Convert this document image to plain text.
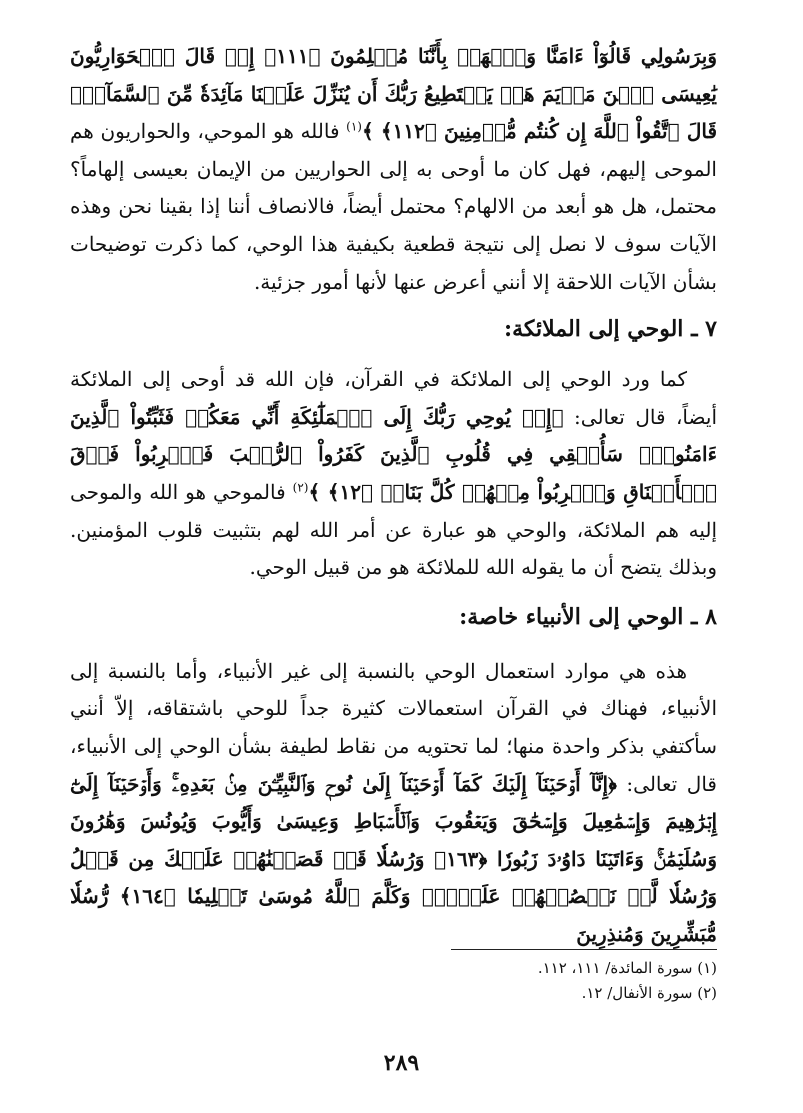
وَبِرَسُولِي قَالُوٓاْ ءَامَنَّا وَٱشۡهَدۡ بِأَنَّنَا مُسۡلِمُونَ ﴿١١١﴾ إِذۡ قَالَ ٱلۡحَوَارِيُّونَ يَٰعِيسَى ٱبۡنَ مَرۡيَمَ هَلۡ يَسۡتَطِيعُ رَبُّكَ أَن يُنَزِّلَ عَلَيۡنَا مَآئِدَةٗ مِّنَ ٱلسَّمَآءِۖ قَالَ ٱتَّقُواْ ٱللَّهَ إِن كُنتُم مُّؤۡمِنِينَ ﴿١١٢﴾ ﴾$^{(١)}$ فالله هو الموحي، والحواريون هم الموحى إليهم، فهل كان ما أوحى به إلى الحواريين من الإيمان بعيسى إلهاماً؟ محتمل، هل هو أبعد من الالهام؟ محتمل أيضاً، فالانصاف أننا إذا بقينا نحن وهذه الآيات سوف لا نصل إلى نتيجة قطعية بكيفية هذا الوحي، كما ذكرت توضيحات بشأن الآيات اللاحقة إلا أنني أعرض عنها لأنها أمور جزئية.

٧ ـ الوحي إلى الملائكة:

كما ورد الوحي إلى الملائكة في القرآن، فإن الله قد أوحى إلى الملائكة أيضاً، قال تعالى: ﴿إِذۡ يُوحِي رَبُّكَ إِلَى ٱلۡمَلَٰٓئِكَةِ أَنِّي مَعَكُمۡ فَثَبِّتُواْ ٱلَّذِينَ ءَامَنُواْۚ سَأُلۡقِي فِي قُلُوبِ ٱلَّذِينَ كَفَرُواْ ٱلرُّعۡبَ فَٱضۡرِبُواْ فَوۡقَ ٱلۡأَعۡنَاقِ وَٱضۡرِبُواْ مِنۡهُمۡ كُلَّ بَنَانٖ ﴿١٢﴾ ﴾$^{(٢)}$ فالموحي هو الله والموحى إليه هم الملائكة، والوحي هو عبارة عن أمر الله لهم بتثبيت قلوب المؤمنين. وبذلك يتضح أن ما يقوله الله للملائكة هو من قبيل الوحي.

٨ ـ الوحي إلى الأنبياء خاصة:

هذه هي موارد استعمال الوحي بالنسبة إلى غير الأنبياء، وأما بالنسبة إلى الأنبياء، فهناك في القرآن استعمالات كثيرة جداً للوحي باشتقاقه، إلاّ أنني سأكتفي بذكر واحدة منها؛ لما تحتويه من نقاط لطيفة بشأن الوحي إلى الأنبياء، قال تعالى: ﴿إِنَّآ أَوۡحَيۡنَآ إِلَيۡكَ كَمَآ أَوۡحَيۡنَآ إِلَىٰ نُوحٖ وَٱلنَّبِيِّـۧنَ مِنۢ بَعۡدِهِۦۚ وَأَوۡحَيۡنَآ إِلَىٰٓ إِبۡرَٰهِيمَ وَإِسۡمَٰعِيلَ وَإِسۡحَٰقَ وَيَعۡقُوبَ وَٱلۡأَسۡبَاطِ وَعِيسَىٰ وَأَيُّوبَ وَيُونُسَ وَهَٰرُونَ وَسُلَيۡمَٰنَۚ وَءَاتَيۡنَا دَاوُۥدَ زَبُورٗا ﴿١٦٣﴾ وَرُسُلٗا قَدۡ قَصَصۡنَٰهُمۡ عَلَيۡكَ مِن قَبۡلُ وَرُسُلٗا لَّمۡ نَقۡصُصۡهُمۡ عَلَيۡكَۚ وَكَلَّمَ ٱللَّهُ مُوسَىٰ تَكۡلِيمٗا ﴿١٦٤﴾ رُّسُلٗا مُّبَشِّرِينَ وَمُنذِرِينَ

(١) سورة المائدة/ ١١١، ١١٢.

(٢) سورة الأنفال/ ١٢.

٢٨٩
